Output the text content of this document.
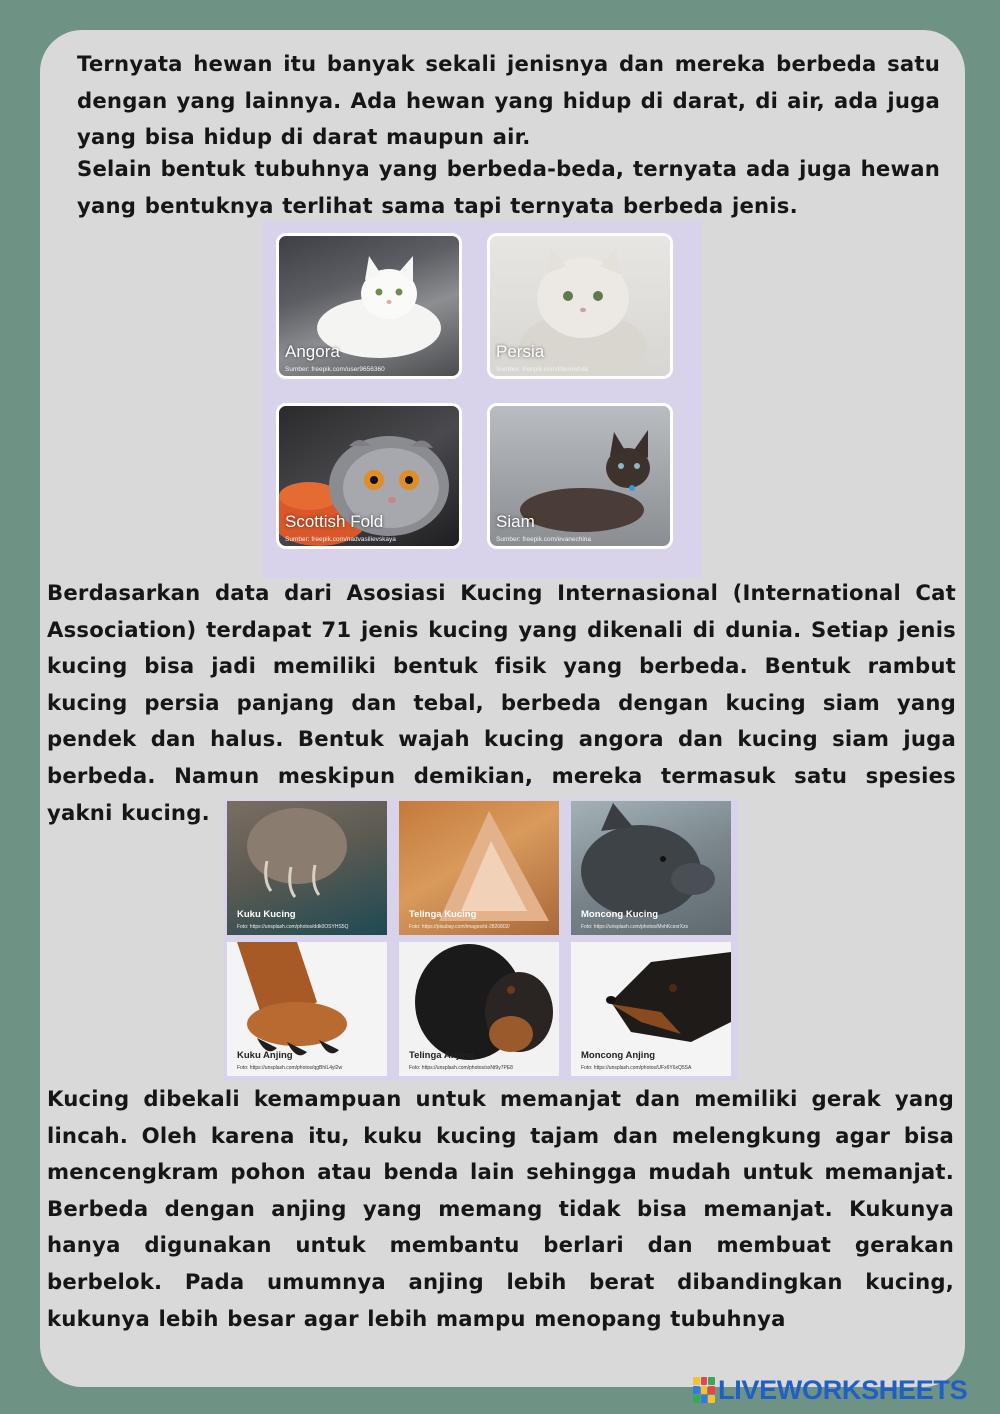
Ternyata hewan itu banyak sekali jenisnya dan mereka berbeda satu dengan yang lainnya. Ada hewan yang hidup di darat, di air, ada juga yang bisa hidup di darat maupun air.

Selain bentuk tubuhnya yang berbeda-beda, ternyata ada juga hewan yang bentuknya terlihat sama tapi ternyata berbeda jenis.

Angora
Sumber: freepik.com/user9656360
Persia
Sumber: freepik.com/lifeonwhite
Scottish Fold
Sumber: freepik.com/nadvasilievskaya
Siam
Sumber: freepik.com/evanechina

Berdasarkan data dari Asosiasi Kucing Internasional (International Cat Association) terdapat 71 jenis kucing yang dikenali di dunia. Setiap jenis kucing bisa jadi memiliki bentuk fisik yang berbeda. Bentuk rambut kucing persia panjang dan tebal, berbeda dengan kucing siam yang pendek dan halus. Bentuk wajah kucing angora dan kucing siam juga berbeda. Namun meskipun demikian, mereka termasuk satu spesies yakni kucing.

Kuku Kucing
Foto: https://unsplash.com/photos/ddk0OSYHS5Q
Telinga Kucing
Foto: https://pixabay.com/images/id-2820802/
Moncong Kucing
Foto: https://unsplash.com/photos/MvhKcexrXzs
Kuku Anjing
Foto: https://unsplash.com/photos/qgBhIL4yl2w
Telinga Anjing
Foto: https://unsplash.com/photos/sxNt9y7PE8
Moncong Anjing
Foto: https://unsplash.com/photos/UFx6Y6xQ5SA

Kucing dibekali kemampuan untuk memanjat dan memiliki gerak yang lincah. Oleh karena itu, kuku kucing tajam dan melengkung agar bisa mencengkram pohon atau benda lain sehingga mudah untuk memanjat. Berbeda dengan anjing yang memang tidak bisa memanjat. Kukunya hanya digunakan untuk membantu berlari dan membuat gerakan berbelok. Pada umumnya anjing lebih berat dibandingkan kucing, kukunya lebih besar agar lebih mampu menopang tubuhnya

LIVEWORKSHEETS
